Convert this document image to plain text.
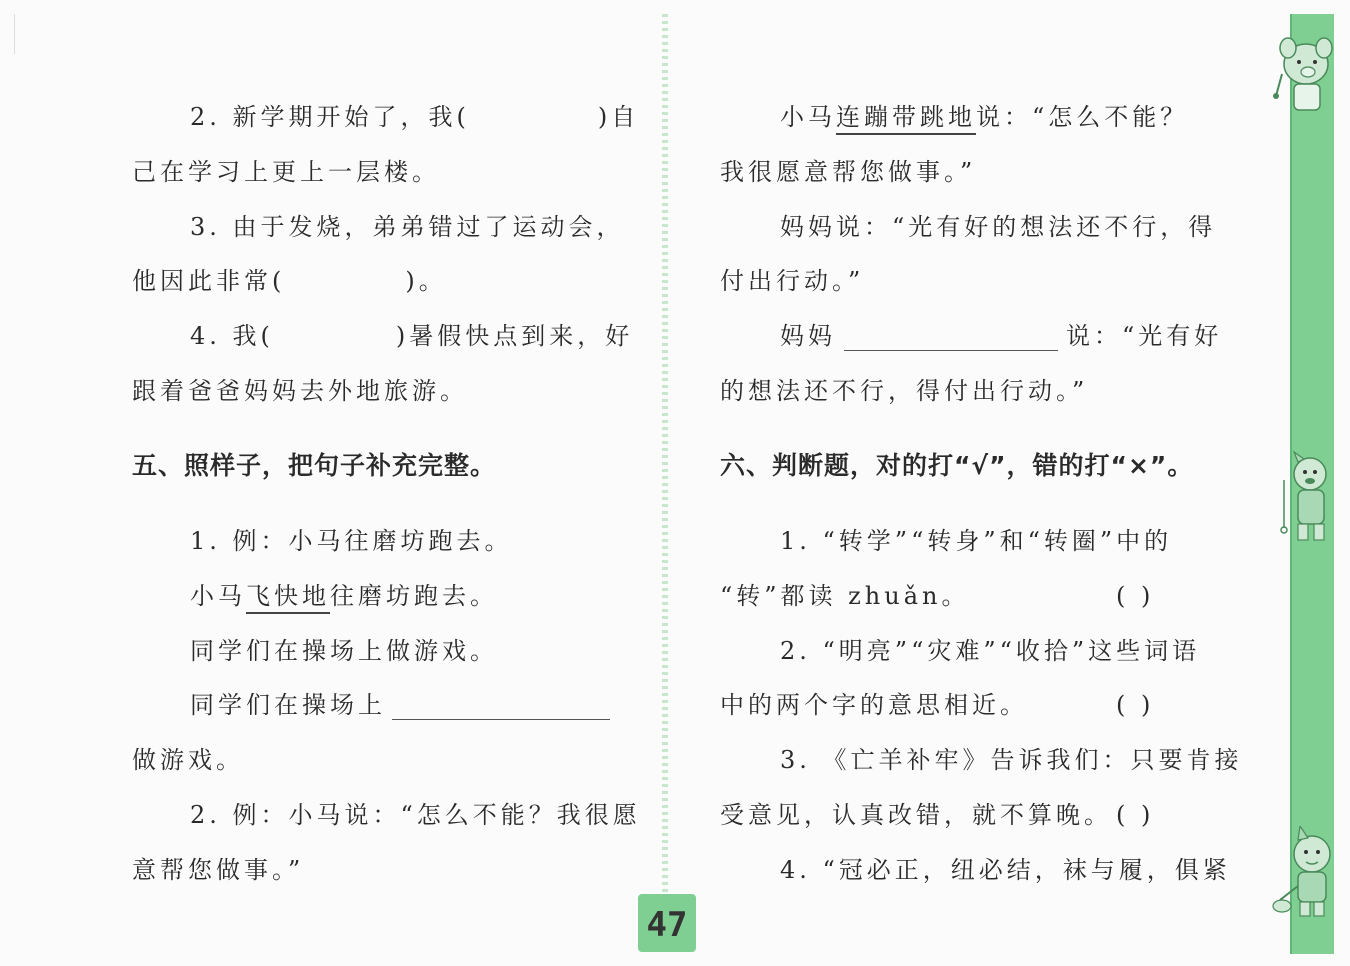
2. 新学期开始了，我(	)自
己在学习上更上一层楼。
3. 由于发烧，弟弟错过了运动会，
他因此非常(	)。
4. 我(	)暑假快点到来，好
跟着爸爸妈妈去外地旅游。
五、照样子，把句子补充完整。
1. 例：小马往磨坊跑去。
小马飞快地往磨坊跑去。
同学们在操场上做游戏。
同学们在操场上
做游戏。
2. 例：小马说：“怎么不能？我很愿
意帮您做事。”
小马连蹦带跳地说：“怎么不能？
我很愿意帮您做事。”
妈妈说：“光有好的想法还不行，得
付出行动。”
妈妈	说：“光有好
的想法还不行，得付出行动。”
六、判断题，对的打“√”，错的打“×”。
1. “转学”“转身”和“转圈”中的
“转”都读 zhuǎn。	( )
2. “明亮”“灾难”“收拾”这些词语
中的两个字的意思相近。	( )
3. 《亡羊补牢》告诉我们：只要肯接
受意见，认真改错，就不算晚。 ( )
4. “冠必正，纽必结，袜与履，俱紧
47
